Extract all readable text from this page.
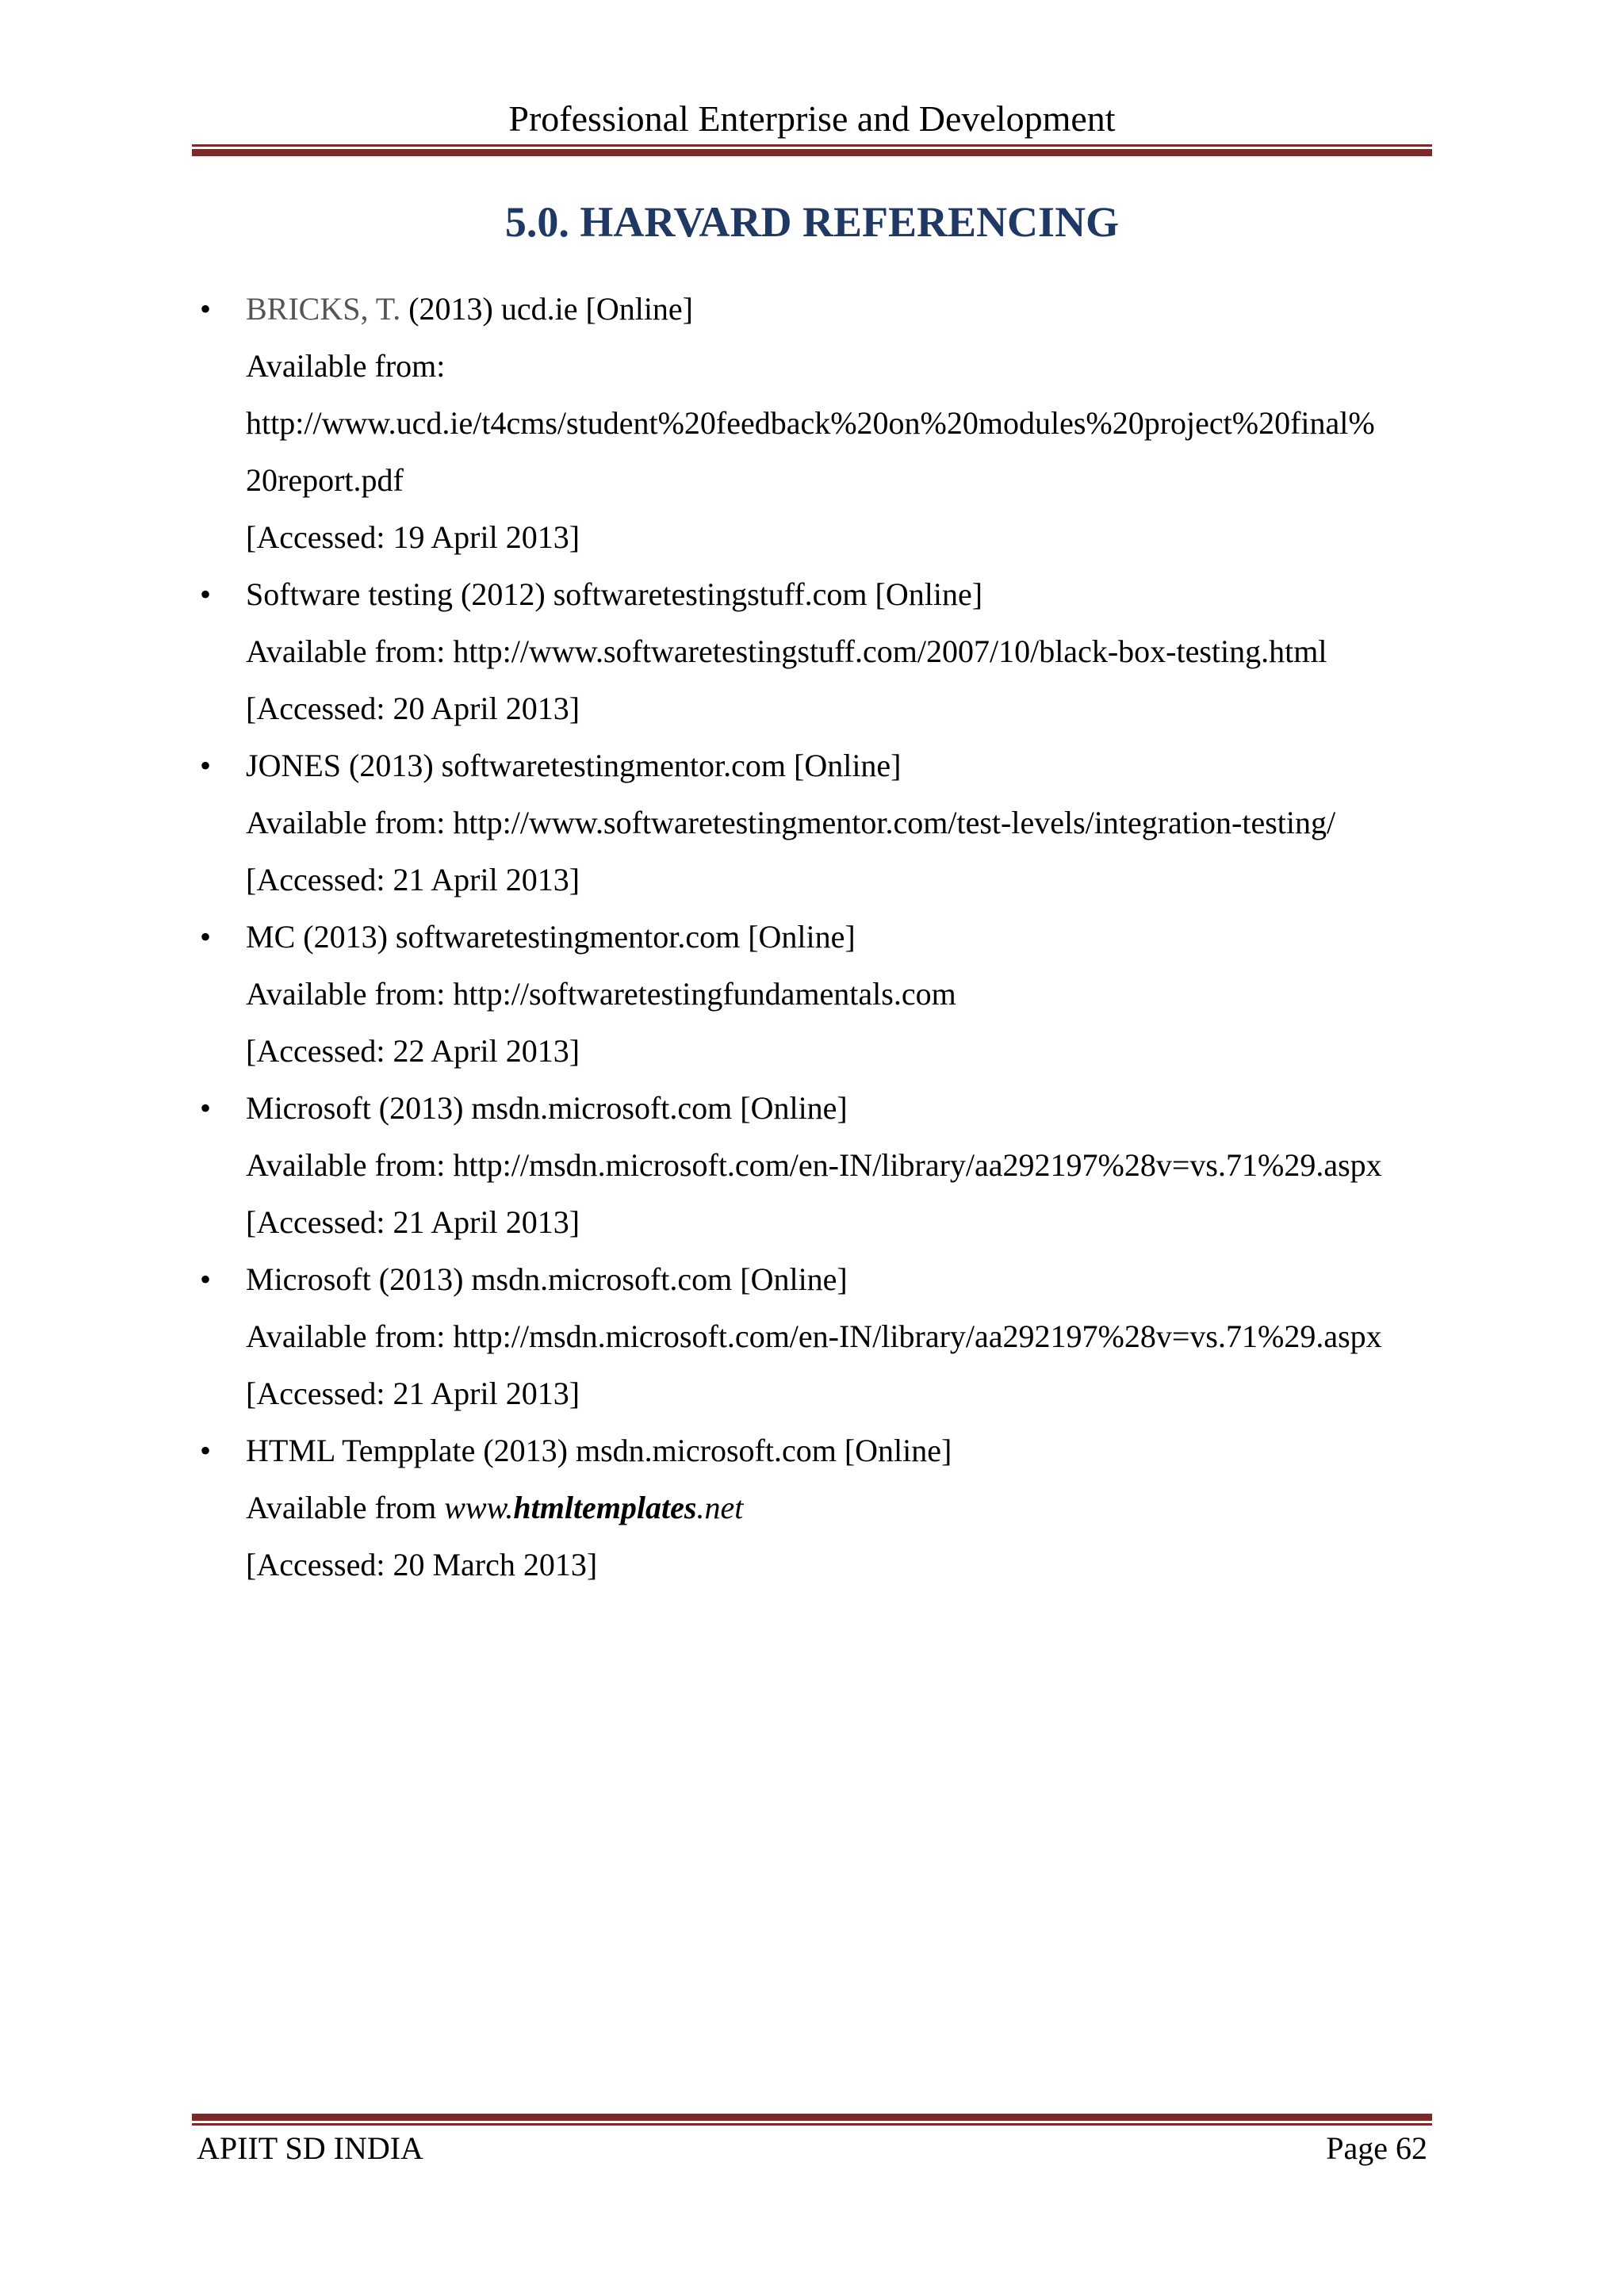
Professional Enterprise and Development
5.0. HARVARD REFERENCING
• BRICKS, T. (2013) ucd.ie [Online]
Available from:
http://www.ucd.ie/t4cms/student%20feedback%20on%20modules%20project%20final%
20report.pdf
[Accessed: 19 April 2013]
• Software testing (2012) softwaretestingstuff.com [Online]
Available from: http://www.softwaretestingstuff.com/2007/10/black-box-testing.html
[Accessed: 20 April 2013]
• JONES (2013) softwaretestingmentor.com [Online]
Available from: http://www.softwaretestingmentor.com/test-levels/integration-testing/
[Accessed: 21 April 2013]
• MC (2013) softwaretestingmentor.com [Online]
Available from: http://softwaretestingfundamentals.com
[Accessed: 22 April 2013]
• Microsoft (2013) msdn.microsoft.com [Online]
Available from: http://msdn.microsoft.com/en-IN/library/aa292197%28v=vs.71%29.aspx
[Accessed: 21 April 2013]
• Microsoft (2013) msdn.microsoft.com [Online]
Available from: http://msdn.microsoft.com/en-IN/library/aa292197%28v=vs.71%29.aspx
[Accessed: 21 April 2013]
• HTML Tempplate (2013) msdn.microsoft.com [Online]
Available from www.htmltemplates.net
[Accessed: 20 March 2013]
APIIT SD INDIA	Page 62
